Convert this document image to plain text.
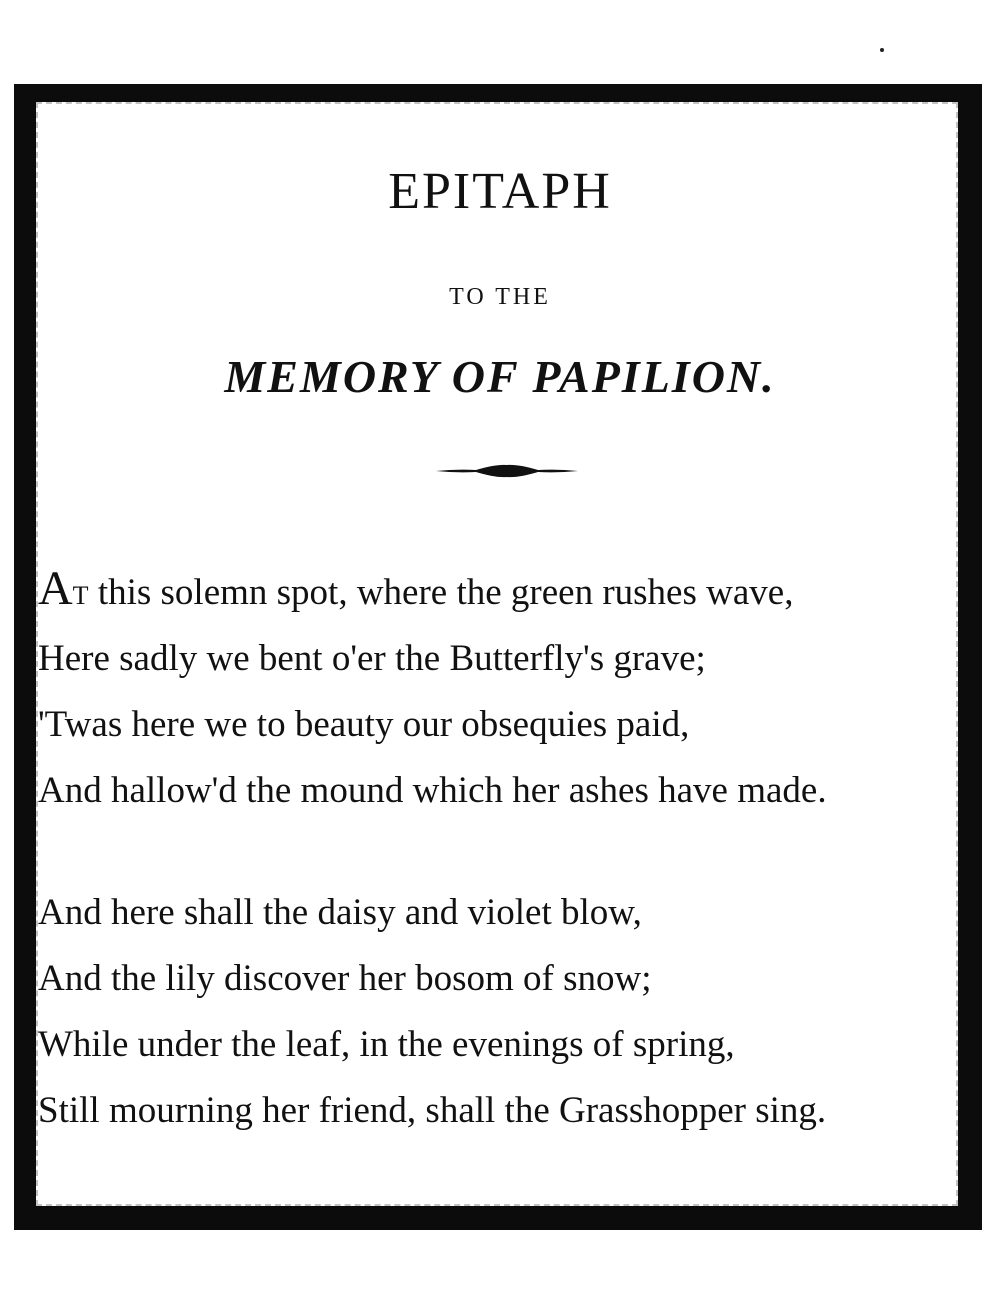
EPITAPH
TO THE
MEMORY OF PAPILION.
At this solemn spot, where the green rushes wave,
Here sadly we bent o'er the Butterfly's grave;
'Twas here we to beauty our obsequies paid,
And hallow'd the mound which her ashes have made.
And here shall the daisy and violet blow,
And the lily discover her bosom of snow;
While under the leaf, in the evenings of spring,
Still mourning her friend, shall the Grasshopper sing.
